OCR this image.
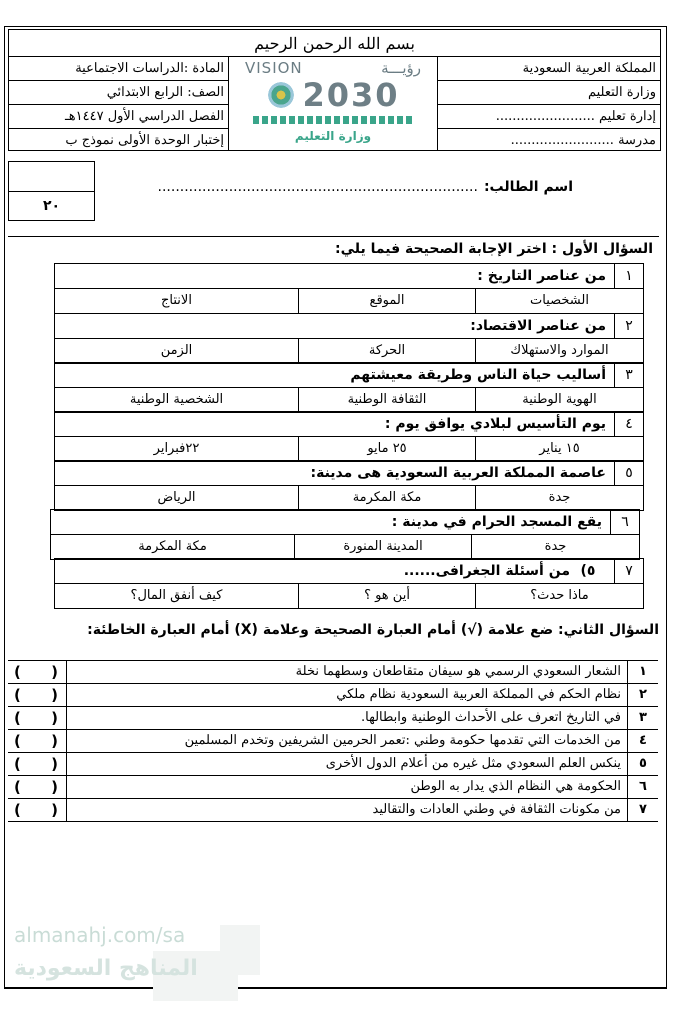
بسم الله الرحمن الرحيم
المملكة العربية السعودية
وزارة التعليم
إدارة تعليم ........................
مدرسة .........................
VISION	رؤيـــة
2030
وزارة التعليم
المادة :الدراسات الاجتماعية
الصف: الرابع الابتدائي
الفصل الدراسي الأول ١٤٤٧هـ
إختبار الوحدة الأولى نموذج ب
٢٠
اسم الطالب:
........................................................................
السؤال الأول : اختر الإجابة الصحيحة فيما يلي:
١
من عناصر التاريخ :
الشخصيات
الموقع
الانتاج
٢
من عناصر الاقتصاد:
الموارد والاستهلاك
الحركة
الزمن
٣
أساليب حياة الناس وطريقة معيشتهم
الهوية الوطنية
الثقافة الوطنية
الشخصية الوطنية
٤
يوم التأسيس لبلادي يوافق يوم :
١٥ يناير
٢٥ مايو
٢٢فبراير
٥
عاصمة المملكة العربية السعودية هى مدينة:
جدة
مكة المكرمة
الرياض
٦
يقع المسجد الحرام في مدينة :
جدة
المدينة المنورة
مكة المكرمة
٧
٥)من أسئلة الجغرافى......
ماذا حدث؟
أين هو ؟
كيف أنفق المال؟
السؤال الثاني: ضع علامة (√) أمام العبارة الصحيحة وعلامة (X) أمام العبارة الخاطئة:
١
الشعار السعودي الرسمي هو سيفان متقاطعان وسطهما نخلة
( )
٢
نظام الحكم في المملكة العربية السعودية نظام ملكي
( )
٣
في التاريخ اتعرف على الأحداث الوطنية وابطالها.
( )
٤
من الخدمات التي تقدمها حكومة وطني :تعمر الحرمين الشريفين وتخدم المسلمين
( )
٥
ينكس العلم السعودي مثل غيره من أعلام الدول الأخرى
( )
٦
الحكومة هي النظام الذي يدار به الوطن
( )
٧
من مكونات الثقافة في وطني العادات والتقاليد
( )
almanahj.com/sa
المناهج السعودية
